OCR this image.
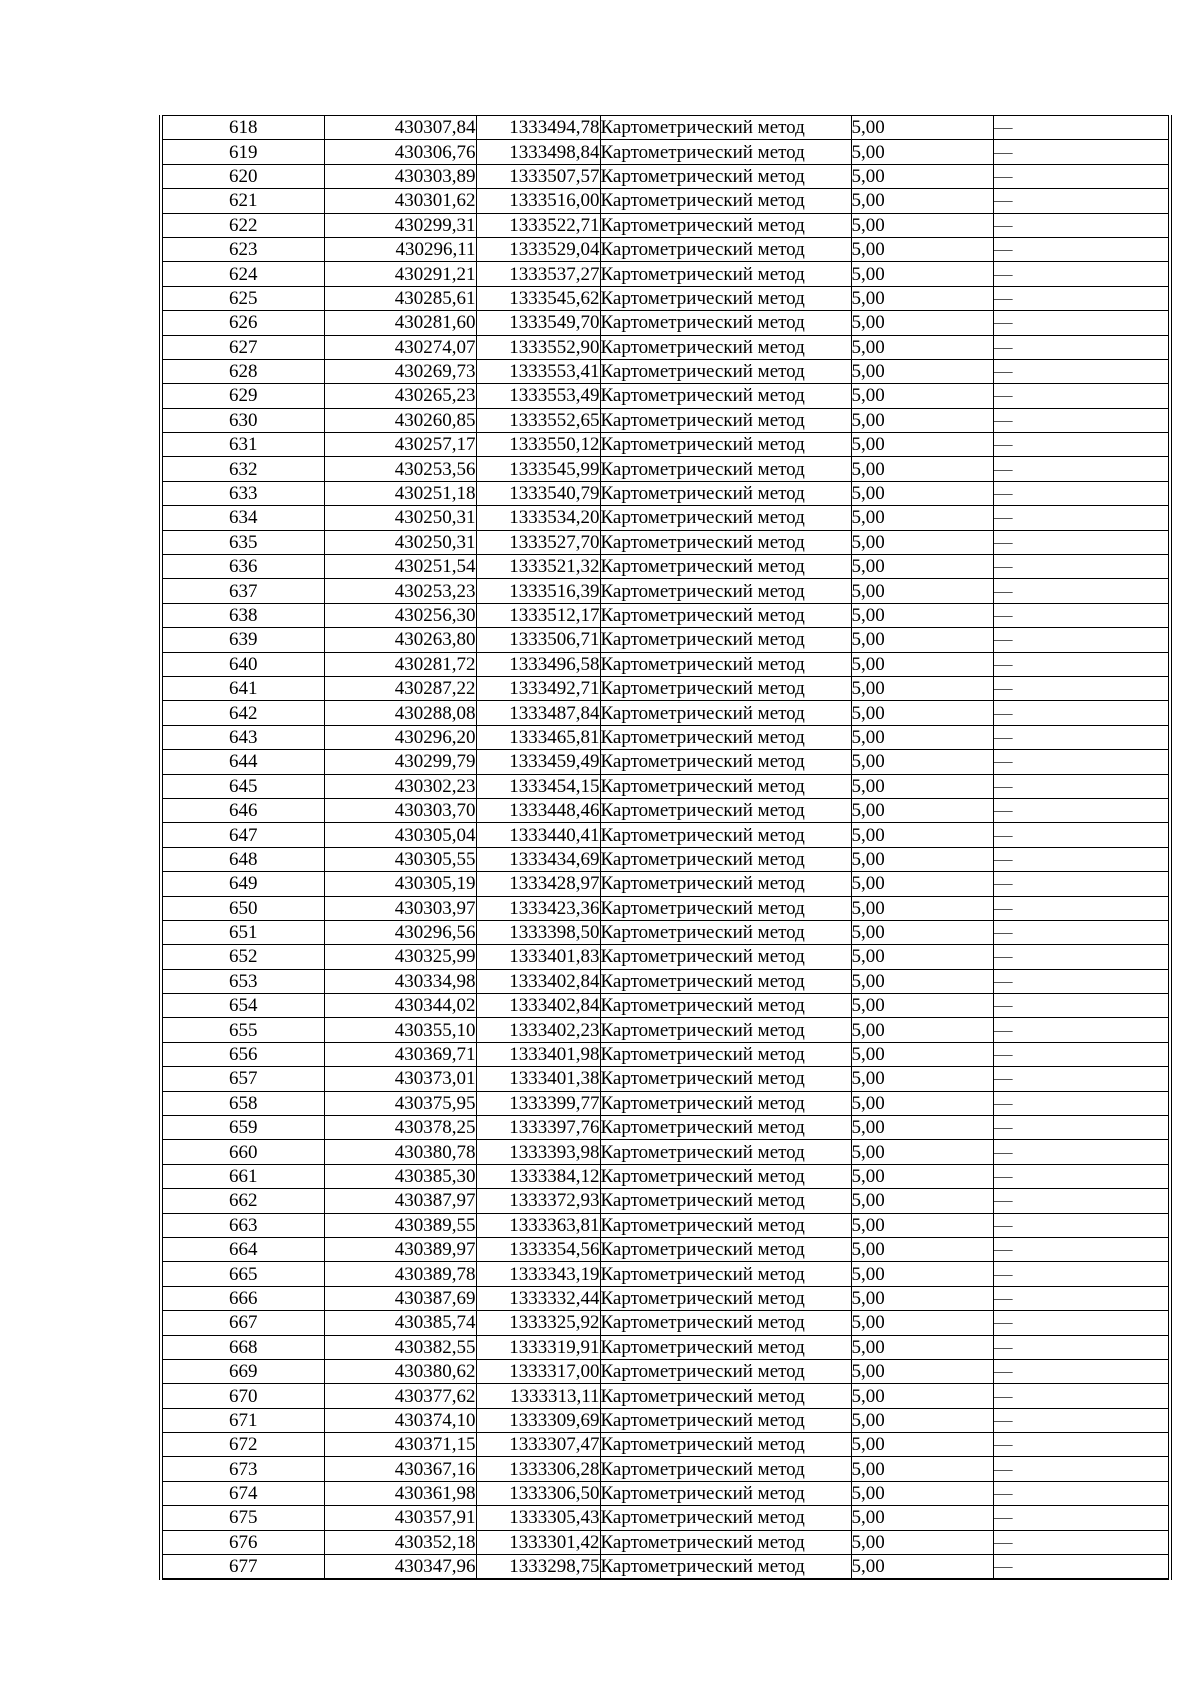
618	430307,84	1333494,78	Картометрический метод	5,00	—
619	430306,76	1333498,84	Картометрический метод	5,00	—
620	430303,89	1333507,57	Картометрический метод	5,00	—
621	430301,62	1333516,00	Картометрический метод	5,00	—
622	430299,31	1333522,71	Картометрический метод	5,00	—
623	430296,11	1333529,04	Картометрический метод	5,00	—
624	430291,21	1333537,27	Картометрический метод	5,00	—
625	430285,61	1333545,62	Картометрический метод	5,00	—
626	430281,60	1333549,70	Картометрический метод	5,00	—
627	430274,07	1333552,90	Картометрический метод	5,00	—
628	430269,73	1333553,41	Картометрический метод	5,00	—
629	430265,23	1333553,49	Картометрический метод	5,00	—
630	430260,85	1333552,65	Картометрический метод	5,00	—
631	430257,17	1333550,12	Картометрический метод	5,00	—
632	430253,56	1333545,99	Картометрический метод	5,00	—
633	430251,18	1333540,79	Картометрический метод	5,00	—
634	430250,31	1333534,20	Картометрический метод	5,00	—
635	430250,31	1333527,70	Картометрический метод	5,00	—
636	430251,54	1333521,32	Картометрический метод	5,00	—
637	430253,23	1333516,39	Картометрический метод	5,00	—
638	430256,30	1333512,17	Картометрический метод	5,00	—
639	430263,80	1333506,71	Картометрический метод	5,00	—
640	430281,72	1333496,58	Картометрический метод	5,00	—
641	430287,22	1333492,71	Картометрический метод	5,00	—
642	430288,08	1333487,84	Картометрический метод	5,00	—
643	430296,20	1333465,81	Картометрический метод	5,00	—
644	430299,79	1333459,49	Картометрический метод	5,00	—
645	430302,23	1333454,15	Картометрический метод	5,00	—
646	430303,70	1333448,46	Картометрический метод	5,00	—
647	430305,04	1333440,41	Картометрический метод	5,00	—
648	430305,55	1333434,69	Картометрический метод	5,00	—
649	430305,19	1333428,97	Картометрический метод	5,00	—
650	430303,97	1333423,36	Картометрический метод	5,00	—
651	430296,56	1333398,50	Картометрический метод	5,00	—
652	430325,99	1333401,83	Картометрический метод	5,00	—
653	430334,98	1333402,84	Картометрический метод	5,00	—
654	430344,02	1333402,84	Картометрический метод	5,00	—
655	430355,10	1333402,23	Картометрический метод	5,00	—
656	430369,71	1333401,98	Картометрический метод	5,00	—
657	430373,01	1333401,38	Картометрический метод	5,00	—
658	430375,95	1333399,77	Картометрический метод	5,00	—
659	430378,25	1333397,76	Картометрический метод	5,00	—
660	430380,78	1333393,98	Картометрический метод	5,00	—
661	430385,30	1333384,12	Картометрический метод	5,00	—
662	430387,97	1333372,93	Картометрический метод	5,00	—
663	430389,55	1333363,81	Картометрический метод	5,00	—
664	430389,97	1333354,56	Картометрический метод	5,00	—
665	430389,78	1333343,19	Картометрический метод	5,00	—
666	430387,69	1333332,44	Картометрический метод	5,00	—
667	430385,74	1333325,92	Картометрический метод	5,00	—
668	430382,55	1333319,91	Картометрический метод	5,00	—
669	430380,62	1333317,00	Картометрический метод	5,00	—
670	430377,62	1333313,11	Картометрический метод	5,00	—
671	430374,10	1333309,69	Картометрический метод	5,00	—
672	430371,15	1333307,47	Картометрический метод	5,00	—
673	430367,16	1333306,28	Картометрический метод	5,00	—
674	430361,98	1333306,50	Картометрический метод	5,00	—
675	430357,91	1333305,43	Картометрический метод	5,00	—
676	430352,18	1333301,42	Картометрический метод	5,00	—
677	430347,96	1333298,75	Картометрический метод	5,00	—
